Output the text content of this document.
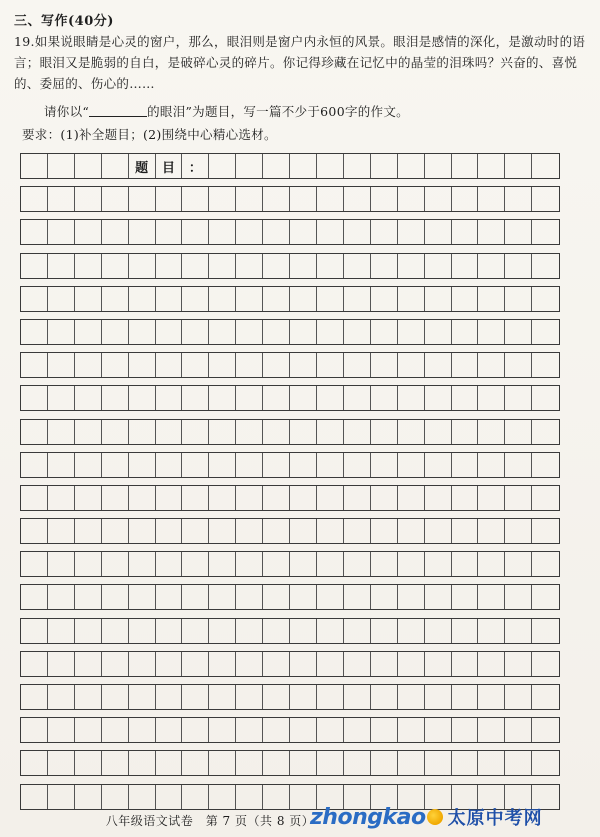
三、写作(40分)
19.如果说眼睛是心灵的窗户，那么，眼泪则是窗户内永恒的风景。眼泪是感情的深化，是激动时的语言；眼泪又是脆弱的自白，是破碎心灵的碎片。你记得珍藏在记忆中的晶莹的泪珠吗？兴奋的、喜悦的、委屈的、伤心的……
请你以“	的眼泪”为题目，写一篇不少于600字的作文。
要求：(1)补全题目；(2)围绕中心精心选材。
题	目	：
八年级语文试卷　第 7 页（共 8 页）
zhong kao 太原中考网
